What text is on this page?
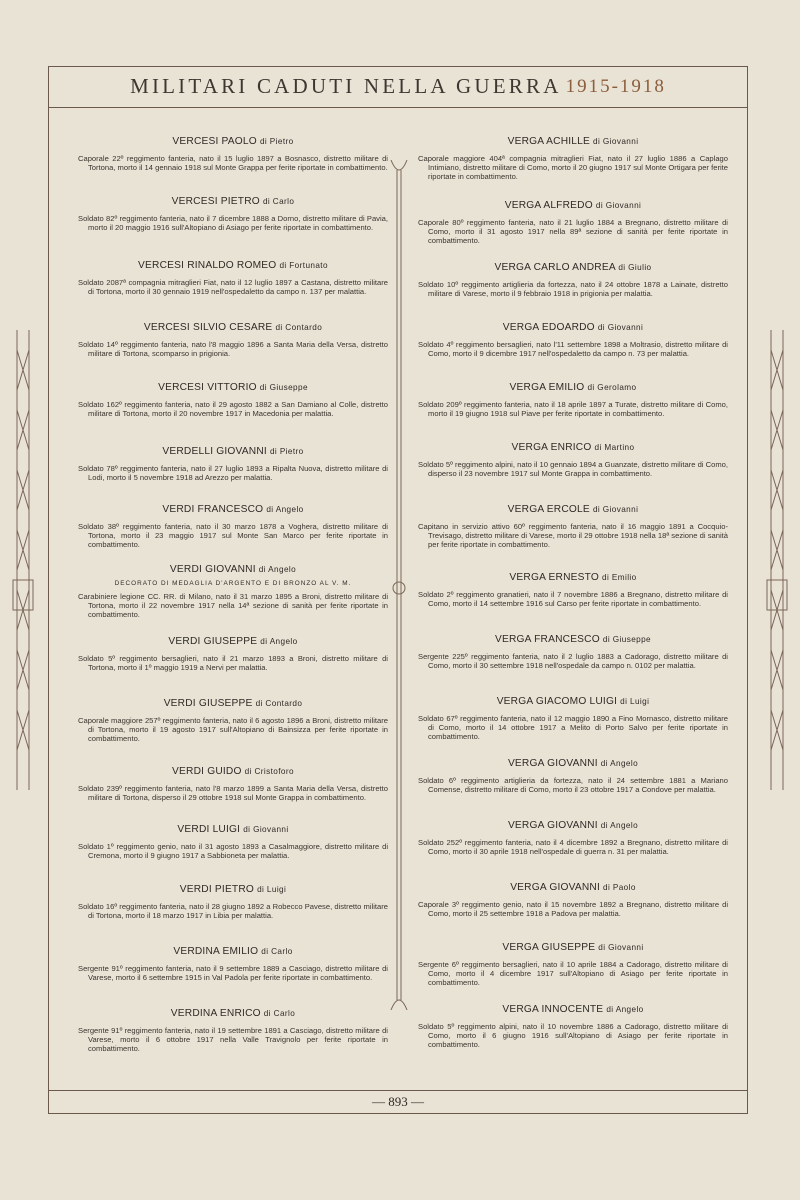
MILITARI CADUTI NELLA GUERRA 1915-1918
VERCESI PAOLO di Pietro
Caporale 22º reggimento fanteria, nato il 15 luglio 1897 a Bosnasco, distretto militare di Tortona, morto il 14 gennaio 1918 sul Monte Grappa per ferite riportate in combattimento.
VERCESI PIETRO di Carlo
Soldato 82º reggimento fanteria, nato il 7 dicembre 1888 a Dorno, distretto militare di Pavia, morto il 20 maggio 1916 sull'Altopiano di Asiago per ferite riportate in combattimento.
VERCESI RINALDO ROMEO di Fortunato
Soldato 2087ª compagnia mitraglieri Fiat, nato il 12 luglio 1897 a Castana, distretto militare di Tortona, morto il 30 gennaio 1919 nell'ospedaletto da campo n. 137 per malattia.
VERCESI SILVIO CESARE di Contardo
Soldato 14º reggimento fanteria, nato l'8 maggio 1896 a Santa Maria della Versa, distretto militare di Tortona, scomparso in prigionia.
VERCESI VITTORIO di Giuseppe
Soldato 162º reggimento fanteria, nato il 29 agosto 1882 a San Damiano al Colle, distretto militare di Tortona, morto il 20 novembre 1917 in Macedonia per malattia.
VERDELLI GIOVANNI di Pietro
Soldato 78º reggimento fanteria, nato il 27 luglio 1893 a Ripalta Nuova, distretto militare di Lodi, morto il 5 novembre 1918 ad Arezzo per malattia.
VERDI FRANCESCO di Angelo
Soldato 38º reggimento fanteria, nato il 30 marzo 1878 a Voghera, distretto militare di Tortona, morto il 23 maggio 1917 sul Monte San Marco per ferite riportate in combattimento.
VERDI GIOVANNI di Angelo
DECORATO DI MEDAGLIA D'ARGENTO E DI BRONZO AL V. M.
Carabiniere legione CC. RR. di Milano, nato il 31 marzo 1895 a Broni, distretto militare di Tortona, morto il 22 novembre 1917 nella 14ª sezione di sanità per ferite riportate in combattimento.
VERDI GIUSEPPE di Angelo
Soldato 5º reggimento bersaglieri, nato il 21 marzo 1893 a Broni, distretto militare di Tortona, morto il 1º maggio 1919 a Nervi per malattia.
VERDI GIUSEPPE di Contardo
Caporale maggiore 257º reggimento fanteria, nato il 6 agosto 1896 a Broni, distretto militare di Tortona, morto il 19 agosto 1917 sull'Altopiano di Bainsizza per ferite riportate in combattimento.
VERDI GUIDO di Cristoforo
Soldato 239º reggimento fanteria, nato l'8 marzo 1899 a Santa Maria della Versa, distretto militare di Tortona, disperso il 29 ottobre 1918 sul Monte Grappa in combattimento.
VERDI LUIGI di Giovanni
Soldato 1º reggimento genio, nato il 31 agosto 1893 a Casalmaggiore, distretto militare di Cremona, morto il 9 giugno 1917 a Sabbioneta per malattia.
VERDI PIETRO di Luigi
Soldato 16º reggimento fanteria, nato il 28 giugno 1892 a Robecco Pavese, distretto militare di Tortona, morto il 18 marzo 1917 in Libia per malattia.
VERDINA EMILIO di Carlo
Sergente 91º reggimento fanteria, nato il 9 settembre 1889 a Casciago, distretto militare di Varese, morto il 6 settembre 1915 in Val Padola per ferite riportate in combattimento.
VERDINA ENRICO di Carlo
Sergente 91º reggimento fanteria, nato il 19 settembre 1891 a Casciago, distretto militare di Varese, morto il 6 ottobre 1917 nella Valle Travignolo per ferite riportate in combattimento.
VERGA ACHILLE di Giovanni
Caporale maggiore 404ª compagnia mitraglieri Fiat, nato il 27 luglio 1886 a Caplago Intimiano, distretto militare di Como, morto il 20 giugno 1917 sul Monte Ortigara per ferite riportate in combattimento.
VERGA ALFREDO di Giovanni
Caporale 80º reggimento fanteria, nato il 21 luglio 1884 a Bregnano, distretto militare di Como, morto il 31 agosto 1917 nella 89ª sezione di sanità per ferite riportate in combattimento.
VERGA CARLO ANDREA di Giulio
Soldato 10º reggimento artiglieria da fortezza, nato il 24 ottobre 1878 a Lainate, distretto militare di Varese, morto il 9 febbraio 1918 in prigionia per malattia.
VERGA EDOARDO di Giovanni
Soldato 4º reggimento bersaglieri, nato l'11 settembre 1898 a Moltrasio, distretto militare di Como, morto il 9 dicembre 1917 nell'ospedaletto da campo n. 73 per malattia.
VERGA EMILIO di Gerolamo
Soldato 209º reggimento fanteria, nato il 18 aprile 1897 a Turate, distretto militare di Como, morto il 19 giugno 1918 sul Piave per ferite riportate in combattimento.
VERGA ENRICO di Martino
Soldato 5º reggimento alpini, nato il 10 gennaio 1894 a Guanzate, distretto militare di Como, disperso il 23 novembre 1917 sul Monte Grappa in combattimento.
VERGA ERCOLE di Giovanni
Capitano in servizio attivo 60º reggimento fanteria, nato il 16 maggio 1891 a Cocquio-Trevisago, distretto militare di Varese, morto il 29 ottobre 1918 nella 18ª sezione di sanità per ferite riportate in combattimento.
VERGA ERNESTO di Emilio
Soldato 2º reggimento granatieri, nato il 7 novembre 1886 a Bregnano, distretto militare di Como, morto il 14 settembre 1916 sul Carso per ferite riportate in combattimento.
VERGA FRANCESCO di Giuseppe
Sergente 225º reggimento fanteria, nato il 2 luglio 1883 a Cadorago, distretto militare di Como, morto il 30 settembre 1918 nell'ospedale da campo n. 0102 per malattia.
VERGA GIACOMO LUIGI di Luigi
Soldato 67º reggimento fanteria, nato il 12 maggio 1890 a Fino Mornasco, distretto militare di Como, morto il 14 ottobre 1917 a Melito di Porto Salvo per ferite riportate in combattimento.
VERGA GIOVANNI di Angelo
Soldato 6º reggimento artiglieria da fortezza, nato il 24 settembre 1881 a Mariano Comense, distretto militare di Como, morto il 23 ottobre 1917 a Condove per malattia.
VERGA GIOVANNI di Angelo
Soldato 252º reggimento fanteria, nato il 4 dicembre 1892 a Bregnano, distretto militare di Como, morto il 30 aprile 1918 nell'ospedale di guerra n. 31 per malattia.
VERGA GIOVANNI di Paolo
Caporale 3º reggimento genio, nato il 15 novembre 1892 a Bregnano, distretto militare di Como, morto il 25 settembre 1918 a Padova per malattia.
VERGA GIUSEPPE di Giovanni
Sergente 6º reggimento bersaglieri, nato il 10 aprile 1884 a Cadorago, distretto militare di Como, morto il 4 dicembre 1917 sull'Altopiano di Asiago per ferite riportate in combattimento.
VERGA INNOCENTE di Angelo
Soldato 5º reggimento alpini, nato il 10 novembre 1886 a Cadorago, distretto militare di Como, morto il 6 giugno 1916 sull'Altopiano di Asiago per ferite riportate in combattimento.
— 893 —
